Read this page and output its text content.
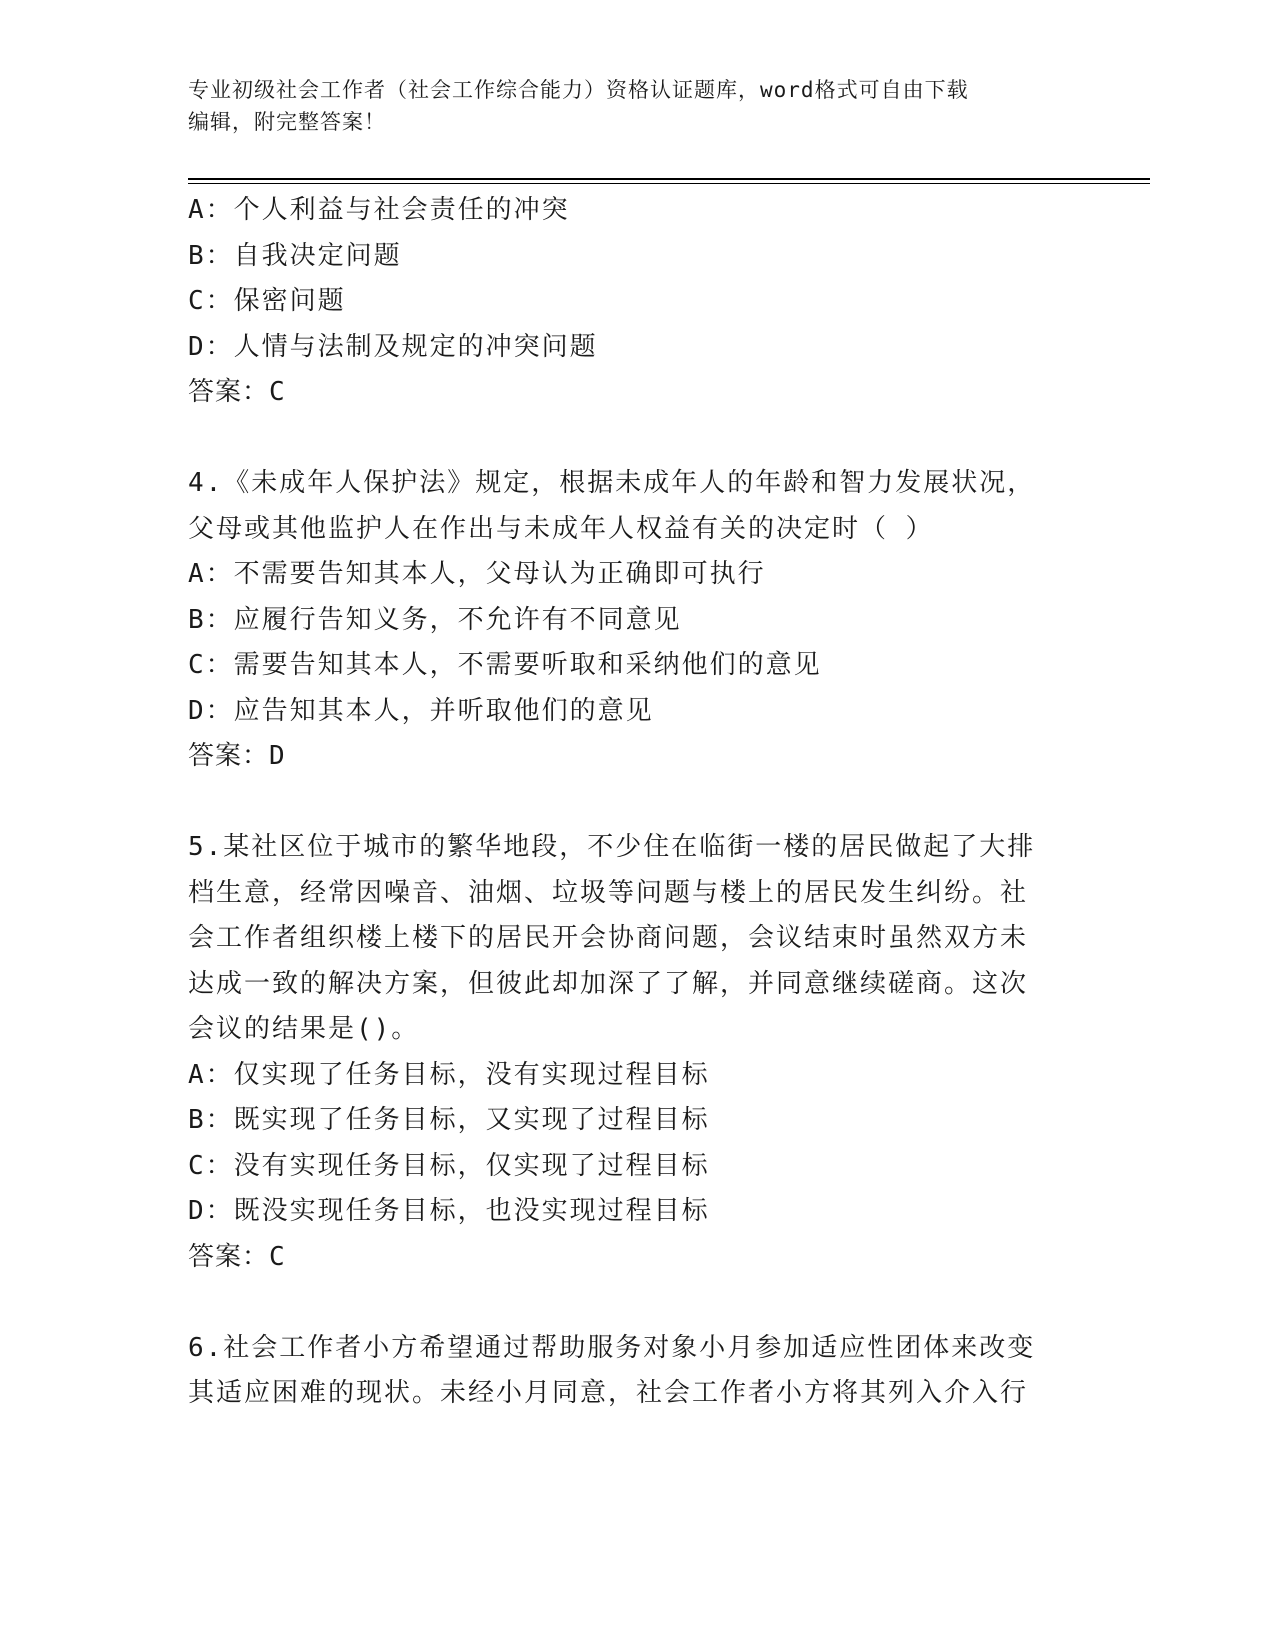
专业初级社会工作者（社会工作综合能力）资格认证题库，word格式可自由下载
编辑，附完整答案！
A：个人利益与社会责任的冲突
B：自我决定问题
C：保密问题
D：人情与法制及规定的冲突问题
答案：C
4.《未成年人保护法》规定，根据未成年人的年龄和智力发展状况，
父母或其他监护人在作出与未成年人权益有关的决定时（ ）
A：不需要告知其本人，父母认为正确即可执行
B：应履行告知义务，不允许有不同意见
C：需要告知其本人，不需要听取和采纳他们的意见
D：应告知其本人，并听取他们的意见
答案：D
5.某社区位于城市的繁华地段，不少住在临街一楼的居民做起了大排
档生意，经常因噪音、油烟、垃圾等问题与楼上的居民发生纠纷。社
会工作者组织楼上楼下的居民开会协商问题，会议结束时虽然双方未
达成一致的解决方案，但彼此却加深了了解，并同意继续磋商。这次
会议的结果是()。
A：仅实现了任务目标，没有实现过程目标
B：既实现了任务目标，又实现了过程目标
C：没有实现任务目标，仅实现了过程目标
D：既没实现任务目标，也没实现过程目标
答案：C
6.社会工作者小方希望通过帮助服务对象小月参加适应性团体来改变
其适应困难的现状。未经小月同意，社会工作者小方将其列入介入行
